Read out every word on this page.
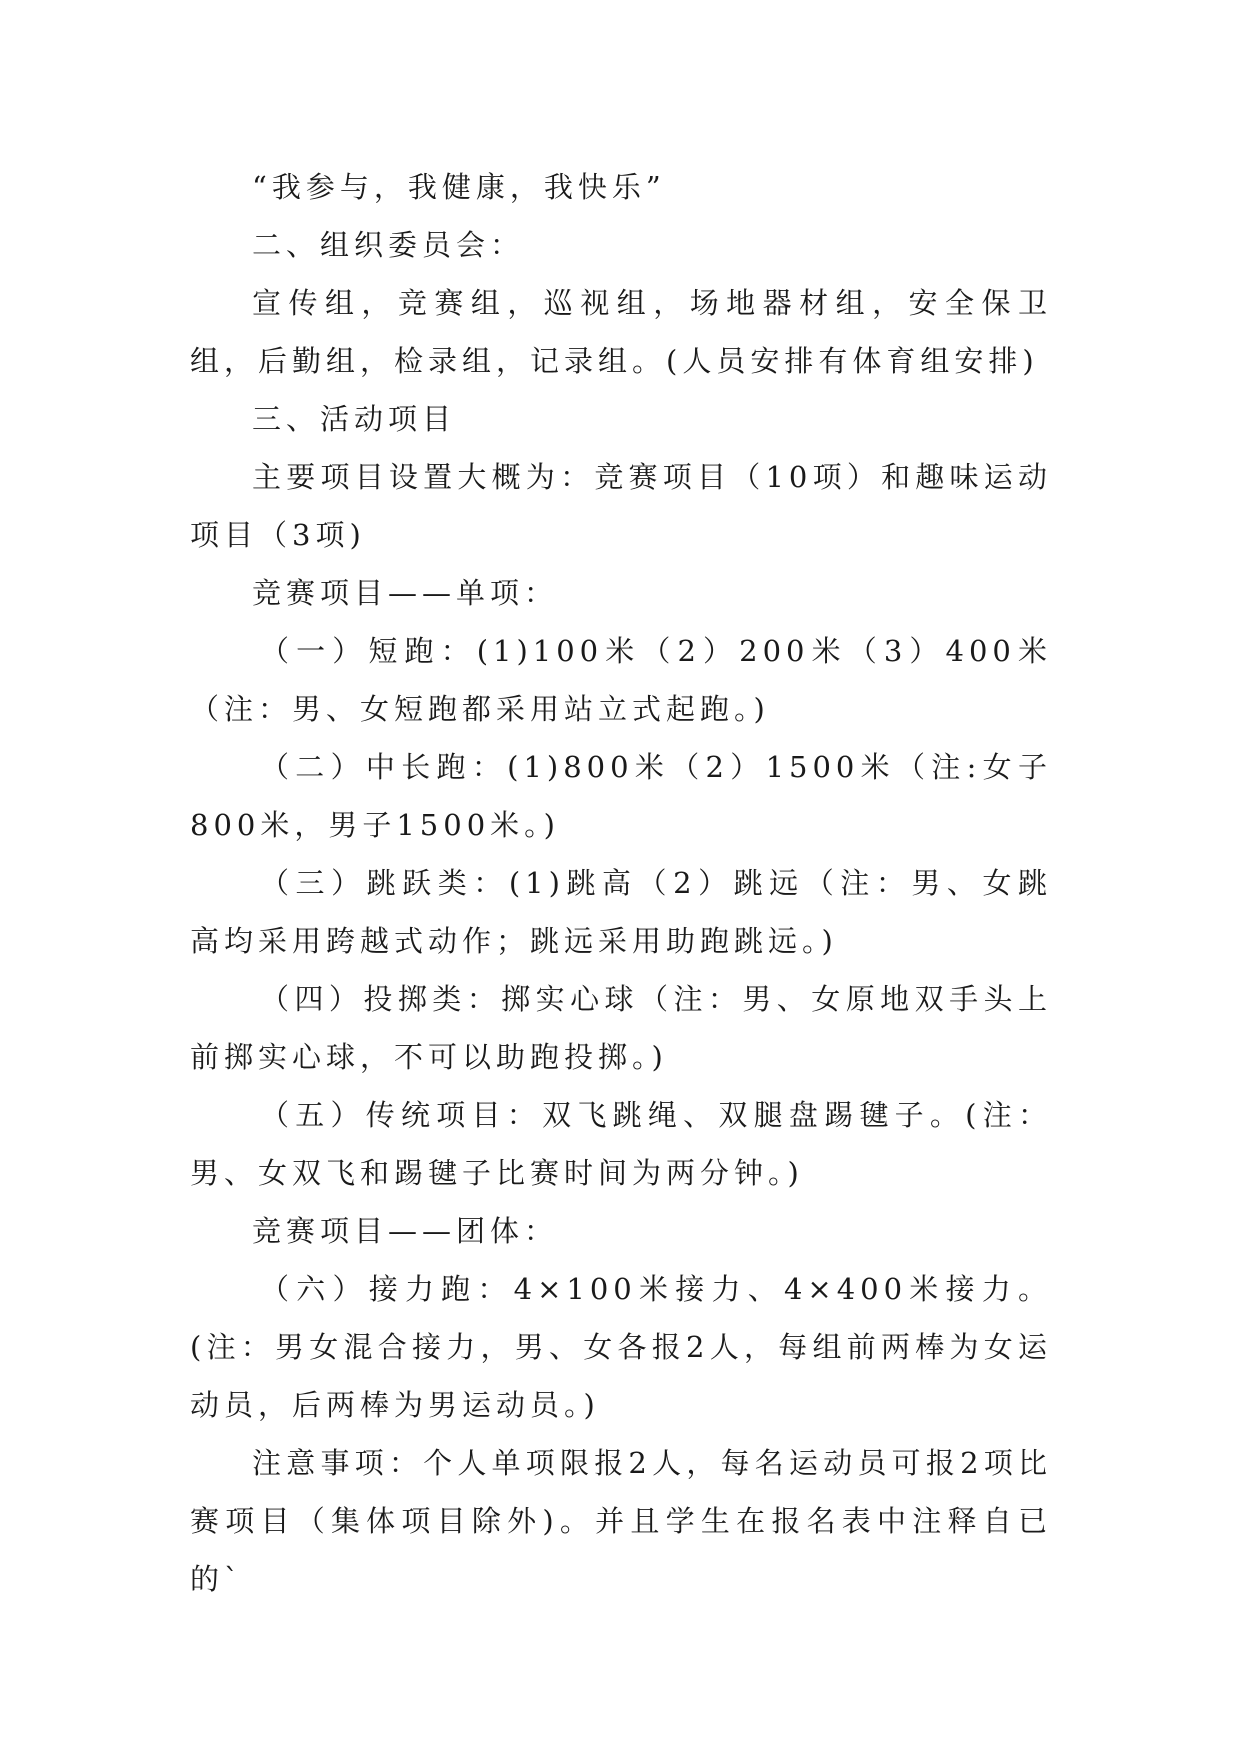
“我参与，我健康，我快乐”

二、组织委员会：

宣传组，竞赛组，巡视组，场地器材组，安全保卫组，后勤组，检录组，记录组。(人员安排有体育组安排)

三、活动项目

主要项目设置大概为：竞赛项目（10项）和趣味运动项目（3项)

竞赛项目——单项：

（一）短跑：(1)100米（2）200米（3）400米（注：男、女短跑都采用站立式起跑。)

（二）中长跑：(1)800米（2）1500米（注:女子800米，男子1500米。)

（三）跳跃类：(1)跳高（2）跳远（注：男、女跳高均采用跨越式动作；跳远采用助跑跳远。)

（四）投掷类：掷实心球（注：男、女原地双手头上前掷实心球，不可以助跑投掷。)

（五）传统项目：双飞跳绳、双腿盘踢毽子。(注：男、女双飞和踢毽子比赛时间为两分钟。)

竞赛项目——团体：

（六）接力跑：4×100米接力、4×400米接力。(注：男女混合接力，男、女各报2人，每组前两棒为女运动员，后两棒为男运动员。)

注意事项：个人单项限报2人，每名运动员可报2项比赛项目（集体项目除外)。并且学生在报名表中注释自已的`
